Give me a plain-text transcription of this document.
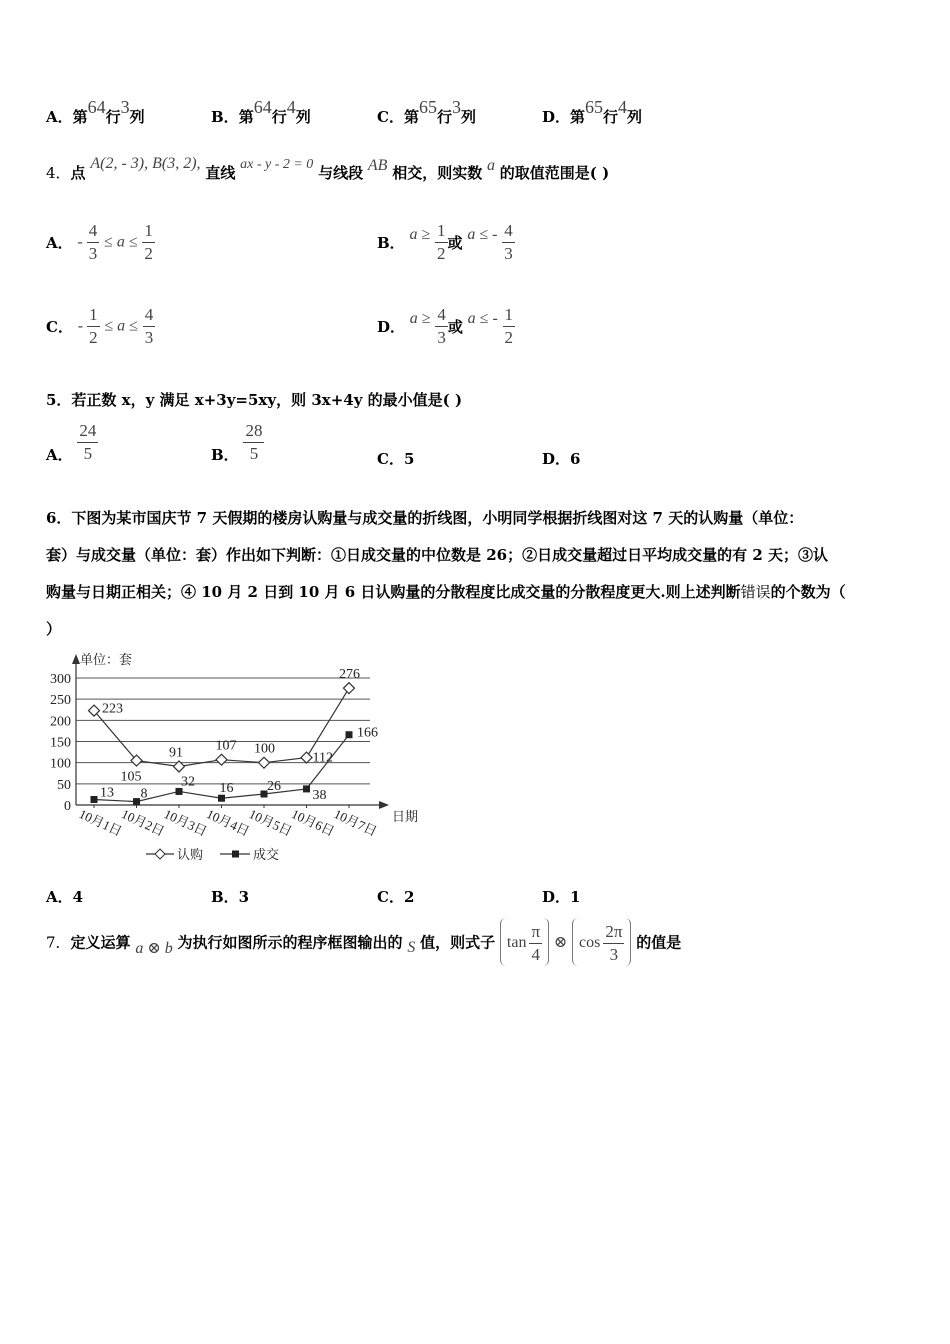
A．第64行3列	B．第64行4列	C．第65行3列	D．第65行4列
4．点 A(2, - 3), B(3, 2), 直线 ax - y - 2 = 0 与线段 AB 相交，则实数 a 的取值范围是( )
A． - $\frac{4}{3} \le a \le \frac{1}{2}$	B． $a \ge \frac{1}{2}$ 或 a ≤ - $\frac{4}{3}$
C． - $\frac{1}{2} \le a \le \frac{4}{3}$	D． $a \ge \frac{4}{3}$ 或 a ≤ - $\frac{1}{2}$
5．若正数 x，y 满足 x+3y=5xy，则 3x+4y 的最小值是( )
A． $\frac{24}{5}$	B． $\frac{28}{5}$	C．5	D．6
6．下图为某市国庆节 7 天假期的楼房认购量与成交量的折线图，小明同学根据折线图对这 7 天的认购量（单位：
套）与成交量（单位：套）作出如下判断：①日成交量的中位数是 26；②日成交量超过日平均成交量的有 2 天；③认
购量与日期正相关；④ 10 月 2 日到 10 月 6 日认购量的分散程度比成交量的分散程度更大.则上述判断错误的个数为（
）
0
50
100
150
200
250
300
单位：套
日期
10月1日
10月2日
10月3日
10月4日
10月5日
10月6日
10月7日
223
105
91 107 100
112
276
13 8
32 16 26
38
166
认购	成交
A．4	B．3	C．2	D．1
7．定义运算 a ⊗ b 为执行如图所示的程序框图输出的 S 值，则式子 $\tan \frac{\pi}{4}$ ⊗ $\cos \frac{2\pi}{3}$ 的值是
